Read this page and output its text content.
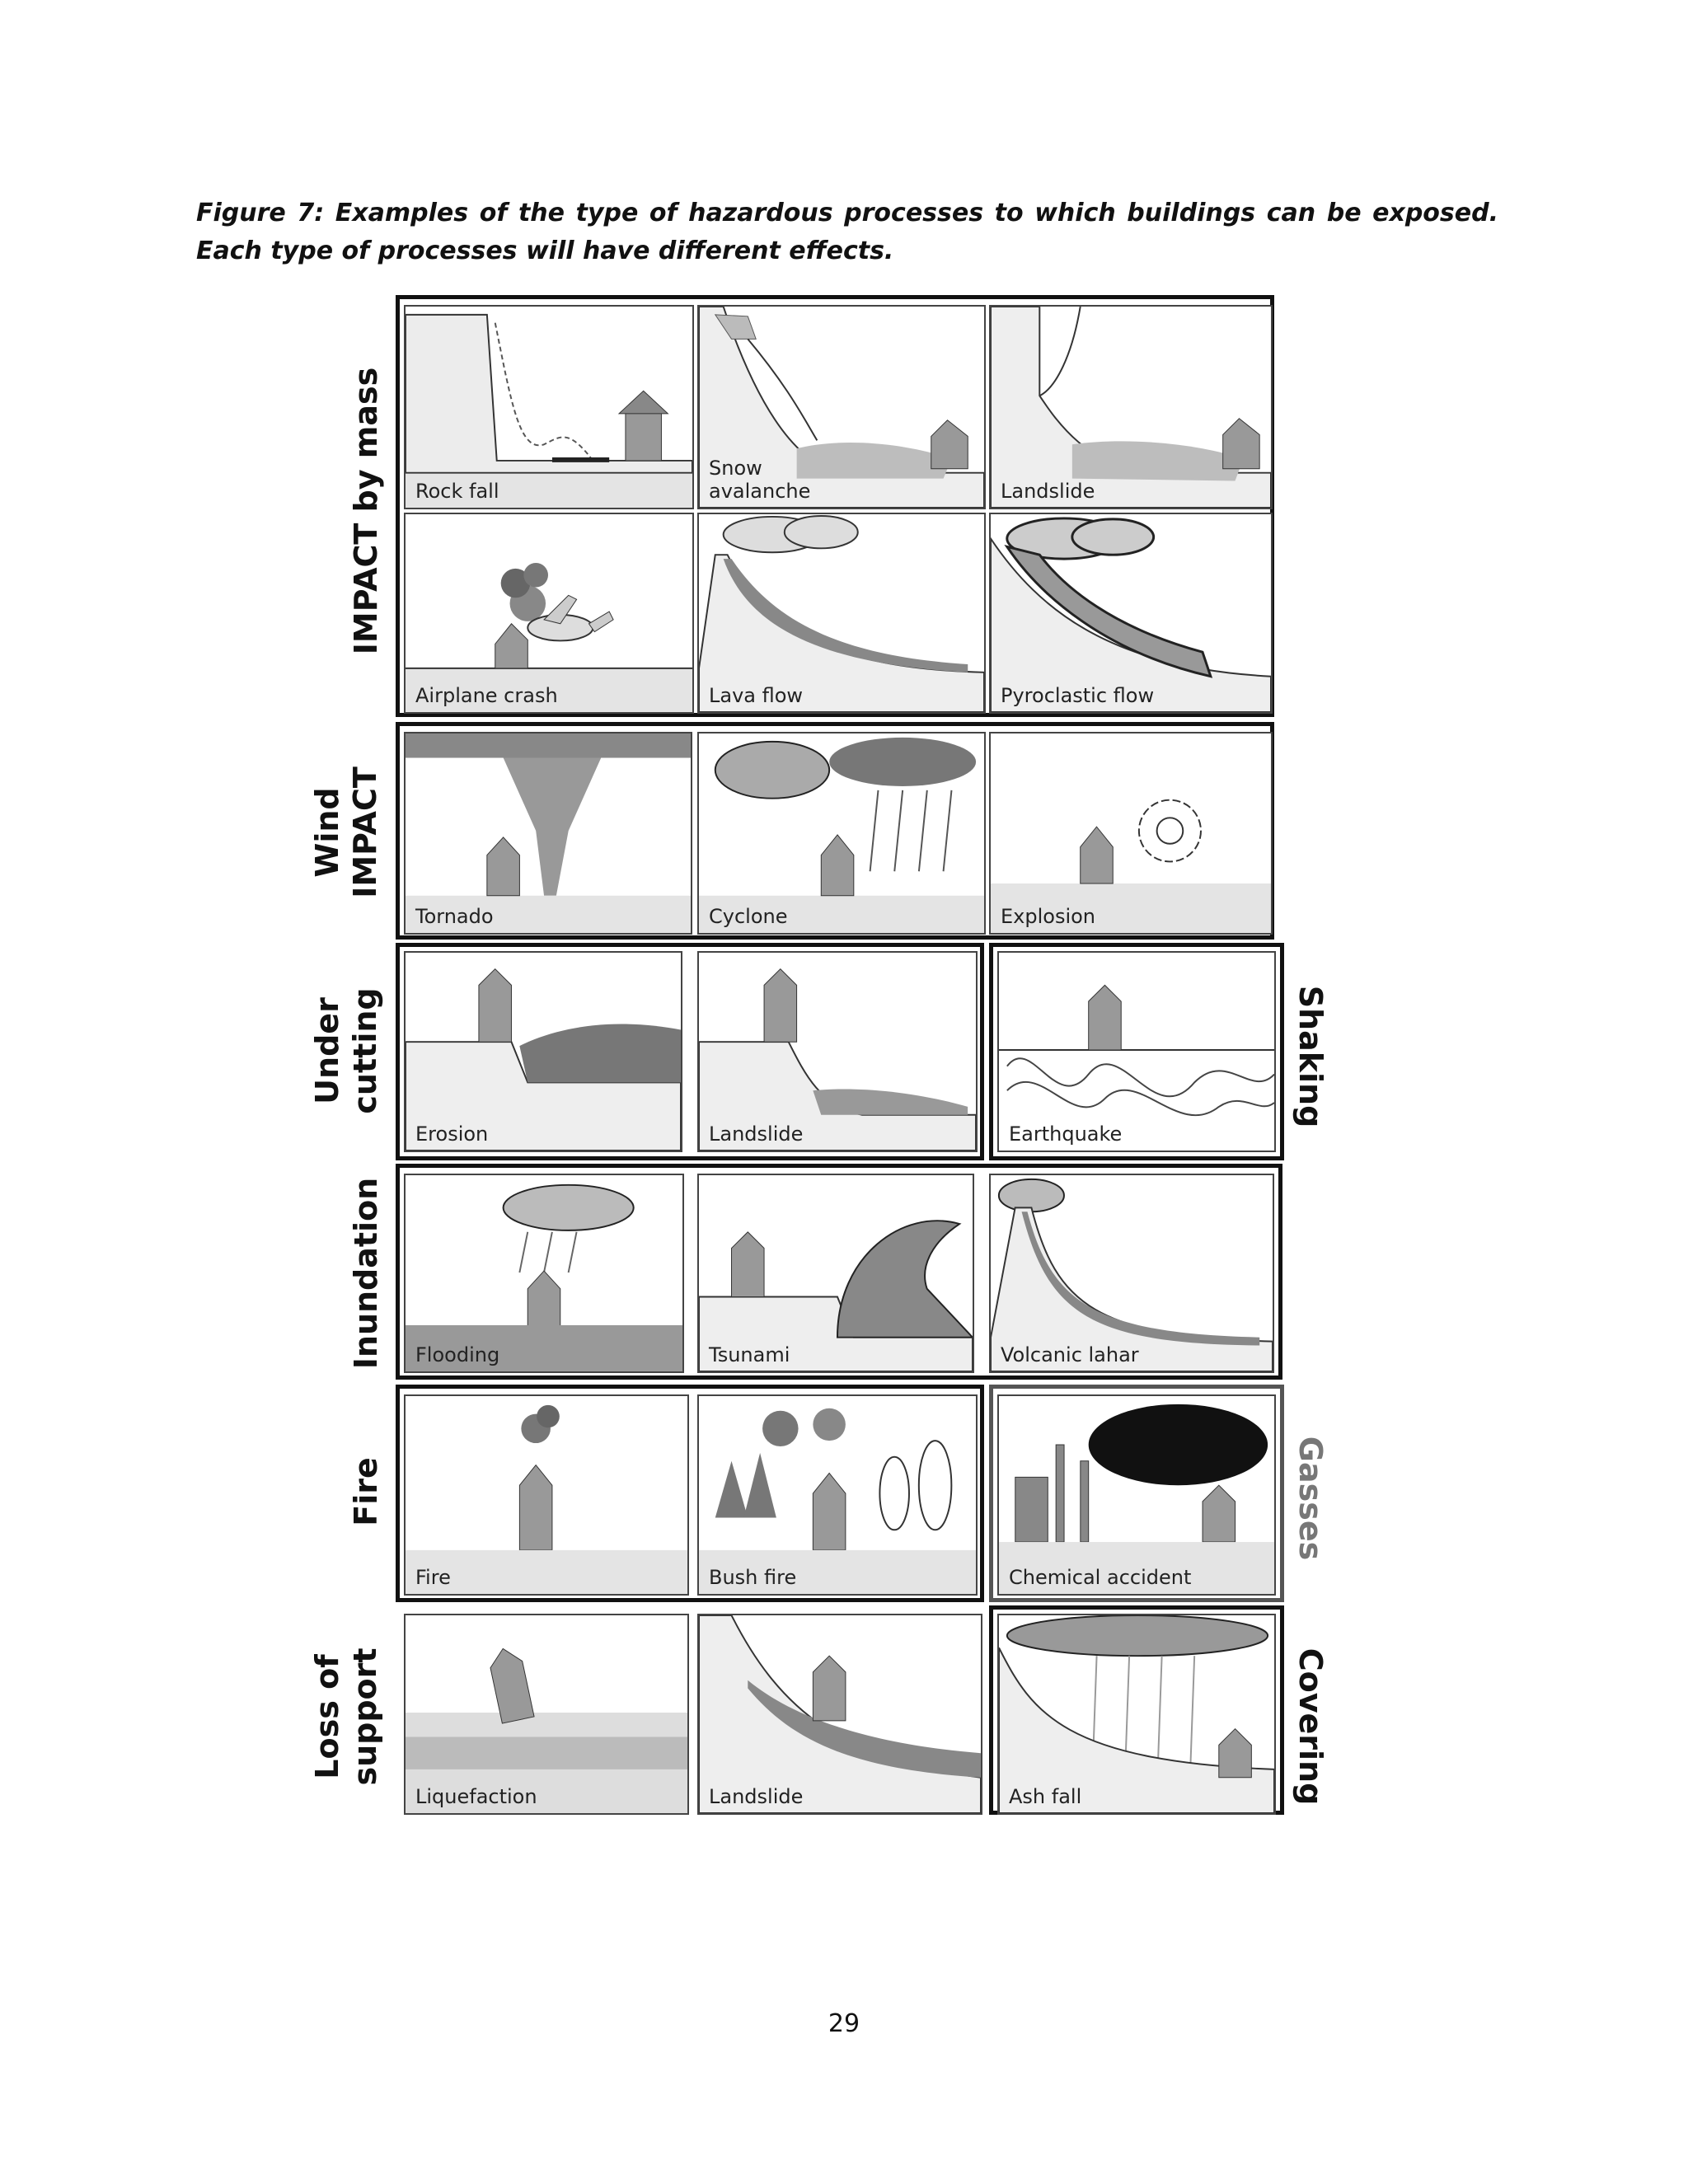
Figure 7: Examples of the type of hazardous processes to which buildings can be exposed. Each type of processes will have different effects.

IMPACT by mass
Wind IMPACT
Under cutting
Inundation
Fire
Loss of support
Shaking
Gasses
Covering
Rock fall
Snow
avalanche	Landslide
Airplane crash	Lava flow	Pyroclastic flow
Tornado	Cyclone	Explosion
Erosion	Landslide	Earthquake
Flooding	Tsunami	Volcanic lahar
Fire	Bush fire	Chemical accident
Liquefaction	Landslide	Ash fall
29
